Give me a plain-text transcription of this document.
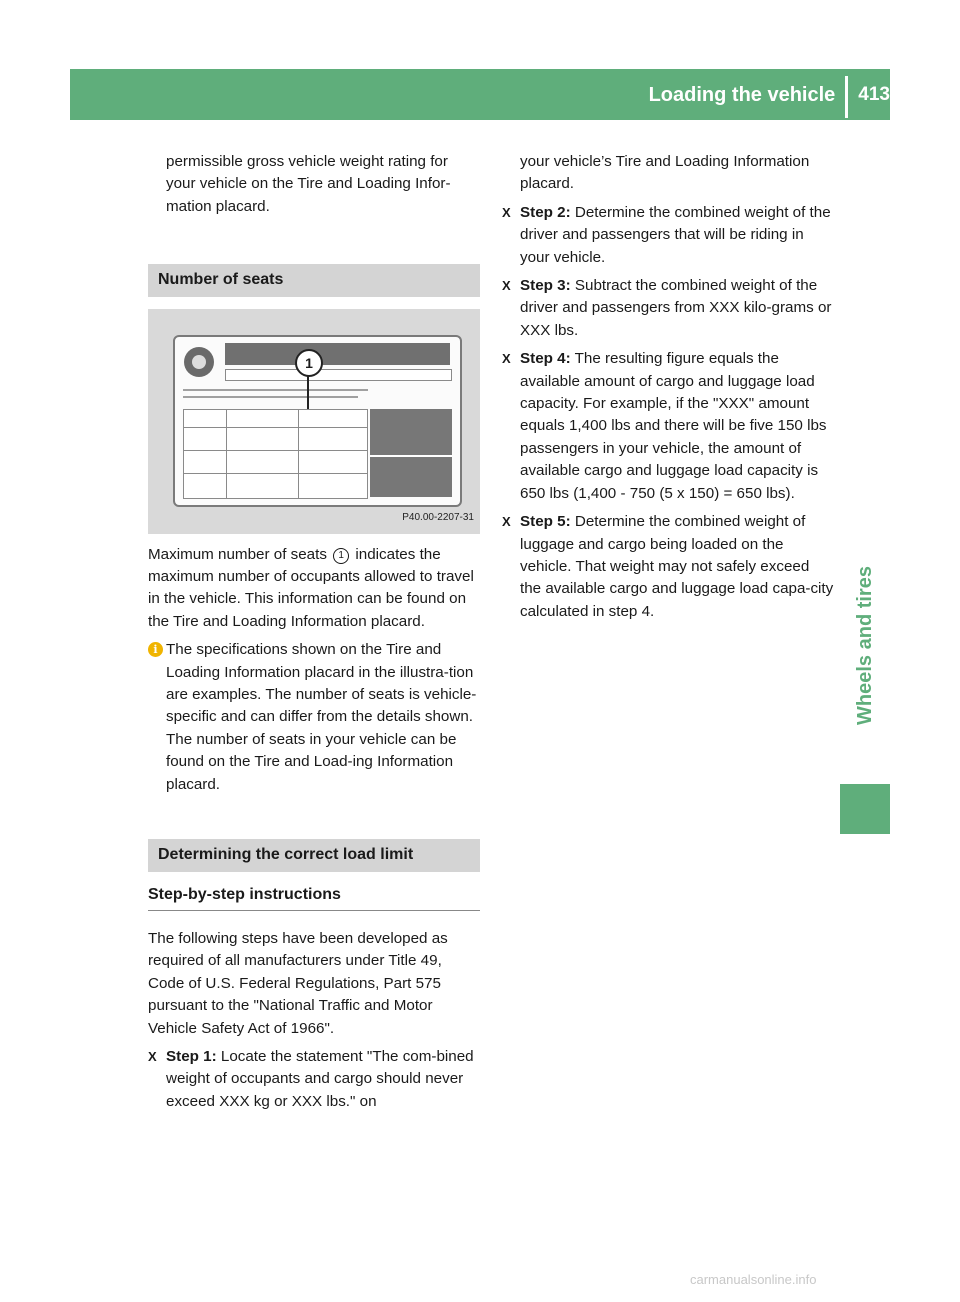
Loading the vehicle 413
Wheels and tires

permissible gross vehicle weight rating for your vehicle on the Tire and Loading Infor-mation placard.

Number of seats

1
P40.00-2207-31

Maximum number of seats 1 indicates the maximum number of occupants allowed to travel in the vehicle. This information can be found on the Tire and Loading Information placard.

i The specifications shown on the Tire and Loading Information placard in the illustra-tion are examples. The number of seats is vehicle-specific and can differ from the details shown. The number of seats in your vehicle can be found on the Tire and Load-ing Information placard.

Determining the correct load limit

Step-by-step instructions

The following steps have been developed as required of all manufacturers under Title 49, Code of U.S. Federal Regulations, Part 575 pursuant to the "National Traffic and Motor Vehicle Safety Act of 1966".

X Step 1: Locate the statement "The com-bined weight of occupants and cargo should never exceed XXX kg or XXX lbs." on

your vehicle’s Tire and Loading Information placard.

X Step 2: Determine the combined weight of the driver and passengers that will be riding in your vehicle.

X Step 3: Subtract the combined weight of the driver and passengers from XXX kilo-grams or XXX lbs.

X Step 4: The resulting figure equals the available amount of cargo and luggage load capacity. For example, if the "XXX" amount equals 1,400 lbs and there will be five 150 lbs passengers in your vehicle, the amount of available cargo and luggage load capacity is 650 lbs (1,400 - 750 (5 x 150) = 650 lbs).

X Step 5: Determine the combined weight of luggage and cargo being loaded on the vehicle. That weight may not safely exceed the available cargo and luggage load capa-city calculated in step 4.

carmanualsonline.info
